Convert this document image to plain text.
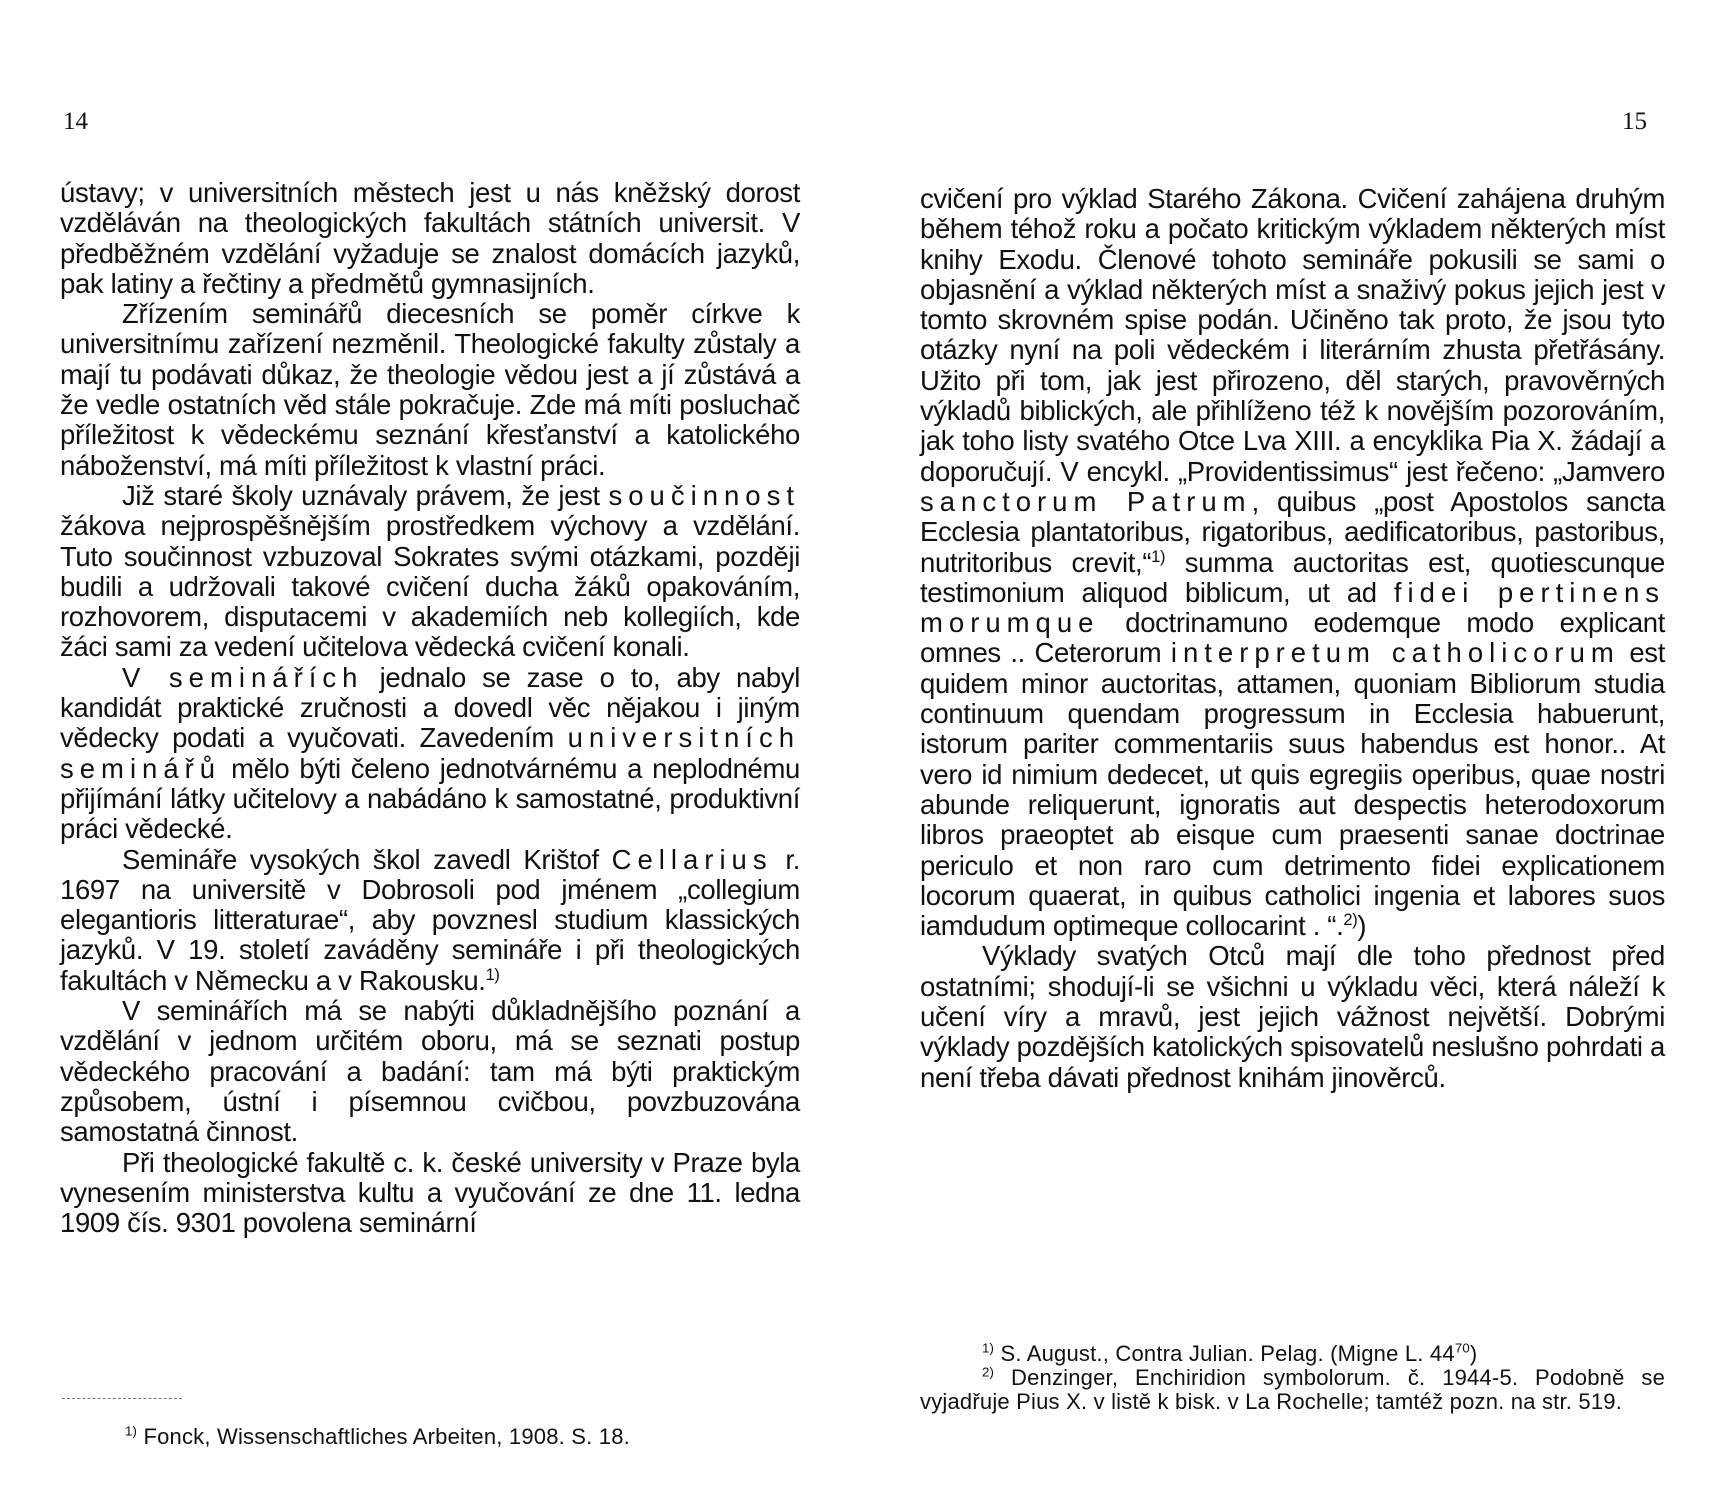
14

ústavy; v universitních městech jest u nás kněžský dorost vzděláván na theologických fakultách státních universit. V předběžném vzdělání vyžaduje se znalost domácích jazyků, pak latiny a řečtiny a předmětů gymnasijních.

Zřízením seminářů diecesních se poměr církve k universitnímu zařízení nezměnil. Theologické fakulty zůstaly a mají tu podávati důkaz, že theologie vědou jest a jí zůstává a že vedle ostatních věd stále pokračuje. Zde má míti posluchač příležitost k vědeckému seznání křesťanství a katolického náboženství, má míti příležitost k vlastní práci.

Již staré školy uznávaly právem, že jest součinnost žákova nejprospěšnějším prostředkem výchovy a vzdělání. Tuto součinnost vzbuzoval Sokrates svými otázkami, později budili a udržovali takové cvičení ducha žáků opakováním, rozhovorem, disputacemi v akademiích neb kollegiích, kde žáci sami za vedení učitelova vědecká cvičení konali.

V seminářích jednalo se zase o to, aby nabyl kandidát praktické zručnosti a dovedl věc nějakou i jiným vědecky podati a vyučovati. Zavedením universitních seminářů mělo býti čeleno jednotvárnému a neplodnému přijímání látky učitelovy a nabádáno k samostatné, produktivní práci vědecké.

Semináře vysokých škol zavedl Krištof Cellarius r. 1697 na universitě v Dobrosoli pod jménem „collegium elegantioris litteraturae“, aby povznesl studium klassických jazyků. V 19. století zaváděny semináře i při theologických fakultách v Německu a v Rakousku.$^{1)}$

V seminářích má se nabýti důkladnějšího poznání a vzdělání v jednom určitém oboru, má se seznati postup vědeckého pracování a badání: tam má býti praktickým způsobem, ústní i písemnou cvičbou, povzbuzována samostatná činnost.

Při theologické fakultě c. k. české university v Praze byla vynesením ministerstva kultu a vyučování ze dne 11. ledna 1909 čís. 9301 povolena seminární

$^{1)}$ Fonck, Wissenschaftliches Arbeiten, 1908. S. 18.

15

cvičení pro výklad Starého Zákona. Cvičení zahájena druhým během téhož roku a počato kritickým výkladem některých míst knihy Exodu. Členové tohoto semináře pokusili se sami o objasnění a výklad některých míst a snaživý pokus jejich jest v tomto skrovném spise podán. Učiněno tak proto, že jsou tyto otázky nyní na poli vědeckém i literárním zhusta přetřásány. Užito při tom, jak jest přirozeno, děl starých, pravověrných výkladů biblických, ale přihlíženo též k novějším pozorováním, jak toho listy svatého Otce Lva XIII. a encyklika Pia X. žádají a doporučují. V encykl. „Providentissimus“ jest řečeno: „Jamvero sanctorum Patrum, quibus „post Apostolos sancta Ecclesia plantatoribus, rigatoribus, aedificatoribus, pastoribus, nutritoribus crevit,“$^{1)}$ summa auctoritas est, quotiescunque testimonium aliquod biblicum, ut ad fidei pertinens morumque doctrinamuno eodemque modo explicant omnes .. Ceterorum interpretum catholicorum est quidem minor auctoritas, attamen, quoniam Bibliorum studia continuum quendam progressum in Ecclesia habuerunt, istorum pariter commentariis suus habendus est honor.. At vero id nimium dedecet, ut quis egregiis operibus, quae nostri abunde reliquerunt, ignoratis aut despectis heterodoxorum libros praeoptet ab eisque cum praesenti sanae doctrinae periculo et non raro cum detrimento fidei explicationem locorum quaerat, in quibus catholici ingenia et labores suos iamdudum optimeque collocarint . “.$^{2)}$)

Výklady svatých Otců mají dle toho přednost před ostatními; shodují-li se všichni u výkladu věci, která náleží k učení víry a mravů, jest jejich vážnost největší. Dobrými výklady pozdějších katolických spisovatelů neslušno pohrdati a není třeba dávati přednost knihám jinověrců.

$^{1)}$ S. August., Contra Julian. Pelag. (Migne L. $44^{70}$)

$^{2)}$ Denzinger, Enchiridion symbolorum. č. 1944-5. Podobně se vyjadřuje Pius X. v listě k bisk. v La Rochelle; tamtéž pozn. na str. 519.
